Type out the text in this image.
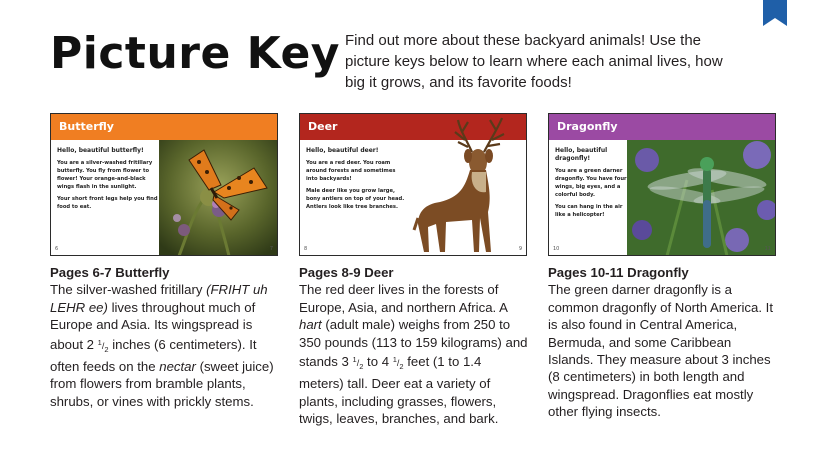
Picture Key Find out more about these backyard animals! Use the picture keys below to learn where each animal lives, how big it grows, and its favorite foods!

Butterfly
Hello, beautiful butterfly!

You are a silver-washed fritillary butterfly. You fly from flower to flower! Your orange-and-black wings flash in the sunlight.

Your short front legs help you find food to eat.

6	7
Deer
Hello, beautiful deer!

You are a red deer. You roam around forests and sometimes into backyards!

Male deer like you grow large, bony antlers on top of your head. Antlers look like tree branches.

8	9
Dragonfly
Hello, beautiful dragonfly!

You are a green darner dragonfly. You have four wings, big eyes, and a colorful body.

You can hang in the air like a helicopter!

10	11
Pages 6-7 Butterfly
The silver-washed fritillary (FRIHT uh LEHR ee) lives throughout much of Europe and Asia. Its wingspread is about 2 $^1/_2$ inches (6 centimeters). It often feeds on the nectar (sweet juice) from flowers from bramble plants, shrubs, or vines with prickly stems.
Pages 8-9 Deer
The red deer lives in the forests of Europe, Asia, and northern Africa. A hart (adult male) weighs from 250 to 350 pounds (113 to 159 kilograms) and stands 3 $^1/_2$ to 4 $^1/_2$ feet (1 to 1.4 meters) tall. Deer eat a variety of plants, including grasses, flowers, twigs, leaves, branches, and bark.
Pages 10-11 Dragonfly
The green darner dragonfly is a common dragonfly of North America. It is also found in Central America, Bermuda, and some Caribbean Islands. They measure about 3 inches (8 centimeters) in both length and wingspread. Dragonflies eat mostly other flying insects.
